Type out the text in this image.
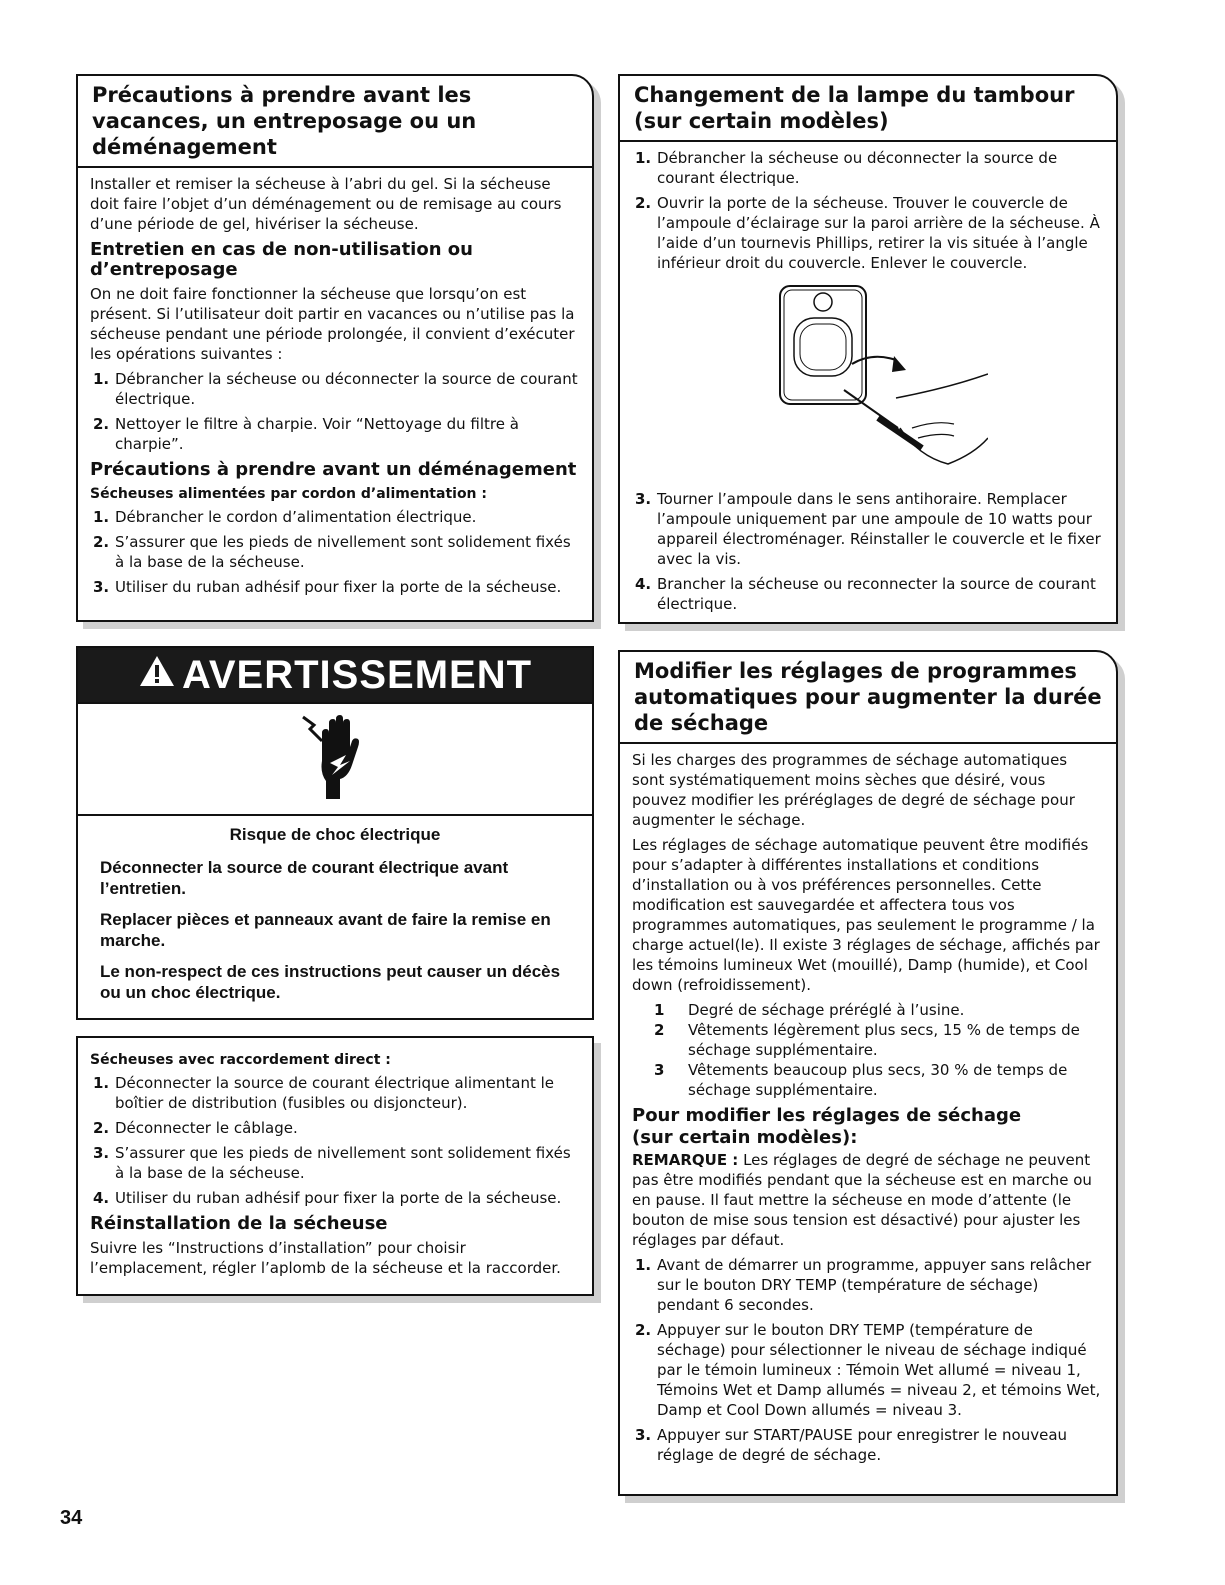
Précautions à prendre avant les vacances, un entreposage ou un déménagement

Installer et remiser la sécheuse à l’abri du gel. Si la sécheuse doit faire l’objet d’un déménagement ou de remisage au cours d’une période de gel, hivériser la sécheuse.

Entretien en cas de non-utilisation ou d’entreposage

On ne doit faire fonctionner la sécheuse que lorsqu’on est présent. Si l’utilisateur doit partir en vacances ou n’utilise pas la sécheuse pendant une période prolongée, il convient d’exécuter les opérations suivantes :

1. Débrancher la sécheuse ou déconnecter la source de courant électrique.
2. Nettoyer le filtre à charpie. Voir “Nettoyage du filtre à charpie”.
Précautions à prendre avant un déménagement
Sécheuses alimentées par cordon d’alimentation :
1. Débrancher le cordon d’alimentation électrique.
2. S’assurer que les pieds de nivellement sont solidement fixés à la base de la sécheuse.
3. Utiliser du ruban adhésif pour fixer la porte de la sécheuse.
AVERTISSEMENT

Risque de choc électrique

Déconnecter la source de courant électrique avant l’entretien.

Replacer pièces et panneaux avant de faire la remise en marche.

Le non-respect de ces instructions peut causer un décès ou un choc électrique.

Sécheuses avec raccordement direct :
1. Déconnecter la source de courant électrique alimentant le boîtier de distribution (fusibles ou disjoncteur).
2. Déconnecter le câblage.
3. S’assurer que les pieds de nivellement sont solidement fixés à la base de la sécheuse.
4. Utiliser du ruban adhésif pour fixer la porte de la sécheuse.
Réinstallation de la sécheuse

Suivre les “Instructions d’installation” pour choisir l’emplacement, régler l’aplomb de la sécheuse et la raccorder.

Changement de la lampe du tambour (sur certain modèles)
1. Débrancher la sécheuse ou déconnecter la source de courant électrique.
2. Ouvrir la porte de la sécheuse. Trouver le couvercle de l’ampoule d’éclairage sur la paroi arrière de la sécheuse. À l’aide d’un tournevis Phillips, retirer la vis située à l’angle inférieur droit du couvercle. Enlever le couvercle.
3. Tourner l’ampoule dans le sens antihoraire. Remplacer l’ampoule uniquement par une ampoule de 10 watts pour appareil électroménager. Réinstaller le couvercle et le fixer avec la vis.
4. Brancher la sécheuse ou reconnecter la source de courant électrique.
Modifier les réglages de programmes automatiques pour augmenter la durée de séchage

Si les charges des programmes de séchage automatiques sont systématiquement moins sèches que désiré, vous pouvez modifier les préréglages de degré de séchage pour augmenter le séchage.

Les réglages de séchage automatique peuvent être modifiés pour s’adapter à différentes installations et conditions d’installation ou à vos préférences personnelles. Cette modification est sauvegardée et affectera tous vos programmes automatiques, pas seulement le programme / la charge actuel(le). Il existe 3 réglages de séchage, affichés par les témoins lumineux Wet (mouillé), Damp (humide), et Cool down (refroidissement).

1	Degré de séchage préréglé à l’usine.
2	Vêtements légèrement plus secs, 15 % de temps de séchage supplémentaire.
3	Vêtements beaucoup plus secs, 30 % de temps de séchage supplémentaire.
Pour modifier les réglages de séchage
(sur certain modèles):

REMARQUE : Les réglages de degré de séchage ne peuvent pas être modifiés pendant que la sécheuse est en marche ou en pause. Il faut mettre la sécheuse en mode d’attente (le bouton de mise sous tension est désactivé) pour ajuster les réglages par défaut.

1. Avant de démarrer un programme, appuyer sans relâcher sur le bouton DRY TEMP (température de séchage) pendant 6 secondes.
2. Appuyer sur le bouton DRY TEMP (température de séchage) pour sélectionner le niveau de séchage indiqué par le témoin lumineux : Témoin Wet allumé = niveau 1, Témoins Wet et Damp allumés = niveau 2, et témoins Wet, Damp et Cool Down allumés = niveau 3.
3. Appuyer sur START/PAUSE pour enregistrer le nouveau réglage de degré de séchage.
34
